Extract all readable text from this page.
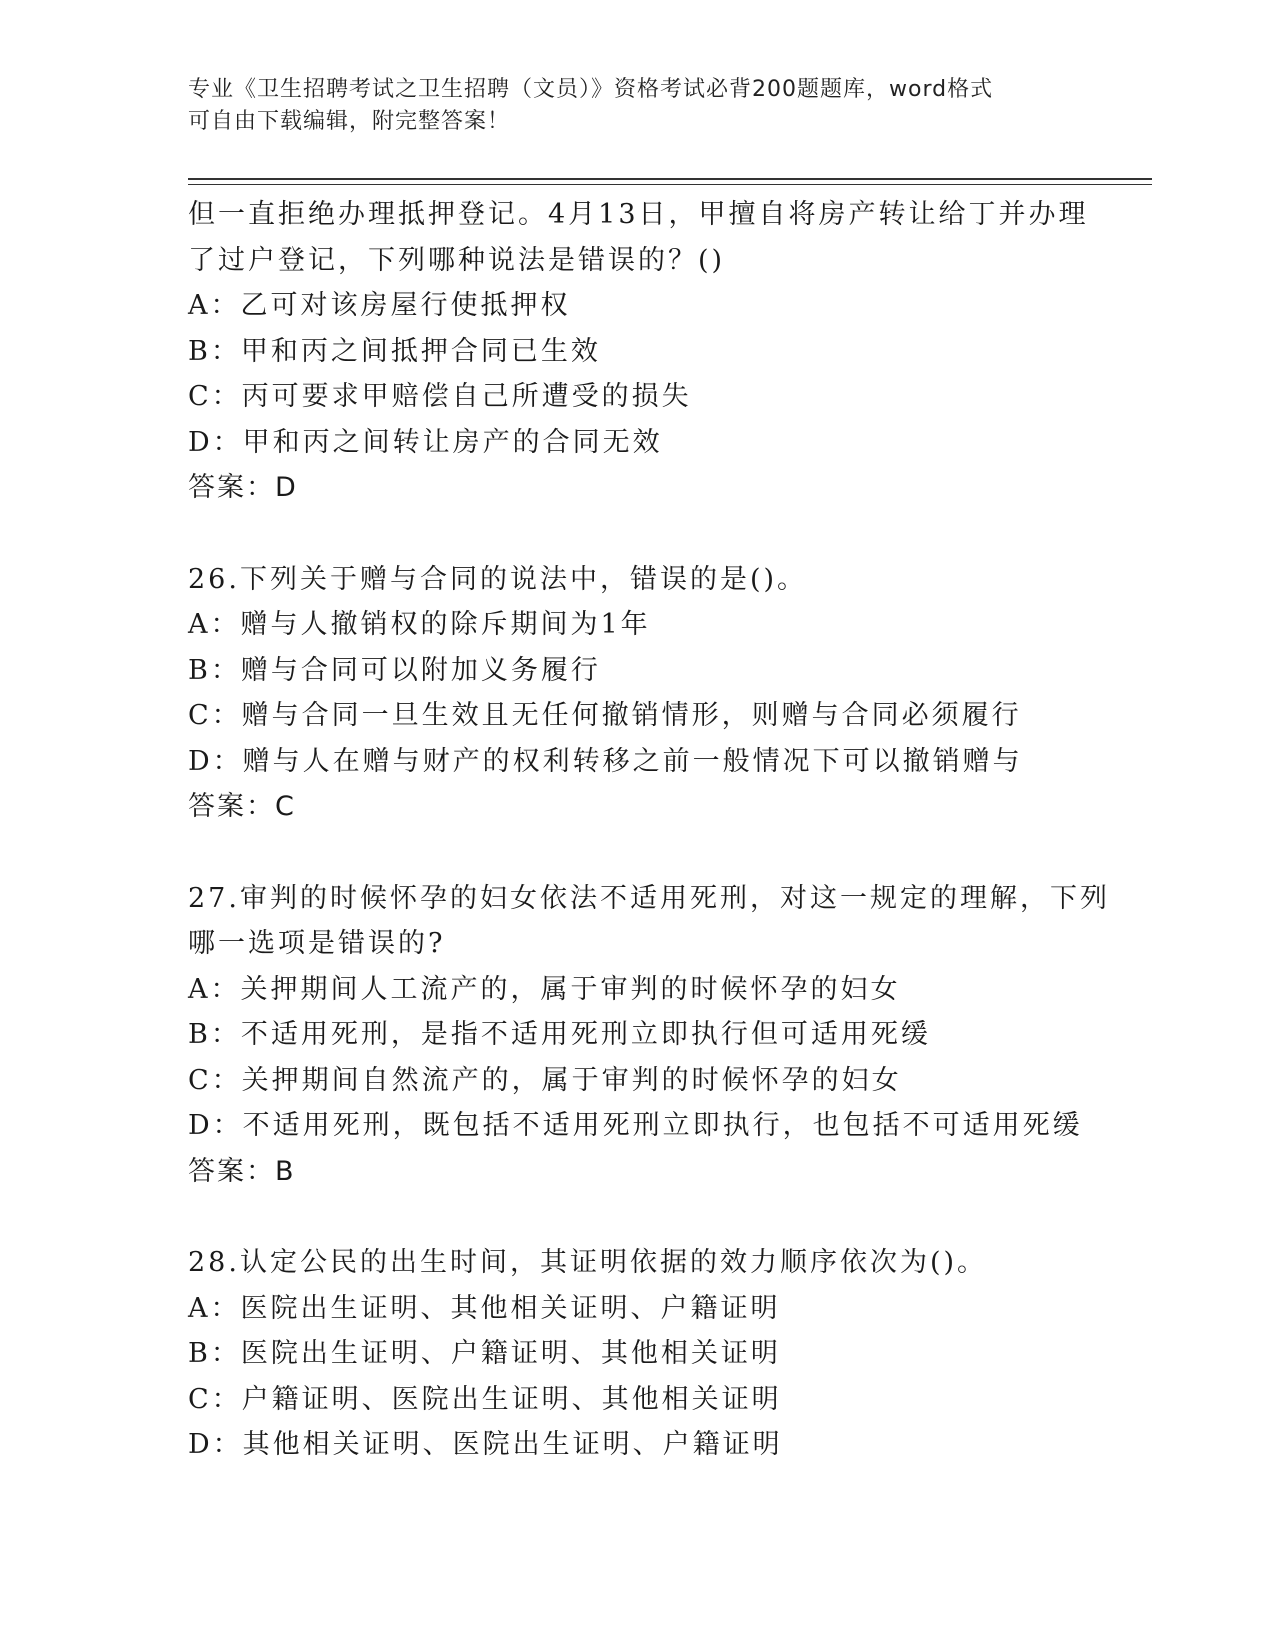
专业《卫生招聘考试之卫生招聘（文员）》资格考试必背200题题库，word格式
可自由下载编辑，附完整答案！
但一直拒绝办理抵押登记。4月13日，甲擅自将房产转让给丁并办理
了过户登记，下列哪种说法是错误的？()
A：乙可对该房屋行使抵押权
B：甲和丙之间抵押合同已生效
C：丙可要求甲赔偿自己所遭受的损失
D：甲和丙之间转让房产的合同无效
答案：D
26.下列关于赠与合同的说法中，错误的是()。
A：赠与人撤销权的除斥期间为1年
B：赠与合同可以附加义务履行
C：赠与合同一旦生效且无任何撤销情形，则赠与合同必须履行
D：赠与人在赠与财产的权利转移之前一般情况下可以撤销赠与
答案：C
27.审判的时候怀孕的妇女依法不适用死刑，对这一规定的理解，下列
哪一选项是错误的?
A：关押期间人工流产的，属于审判的时候怀孕的妇女
B：不适用死刑，是指不适用死刑立即执行但可适用死缓
C：关押期间自然流产的，属于审判的时候怀孕的妇女
D：不适用死刑，既包括不适用死刑立即执行，也包括不可适用死缓
答案：B
28.认定公民的出生时间，其证明依据的效力顺序依次为()。
A：医院出生证明、其他相关证明、户籍证明
B：医院出生证明、户籍证明、其他相关证明
C：户籍证明、医院出生证明、其他相关证明
D：其他相关证明、医院出生证明、户籍证明
